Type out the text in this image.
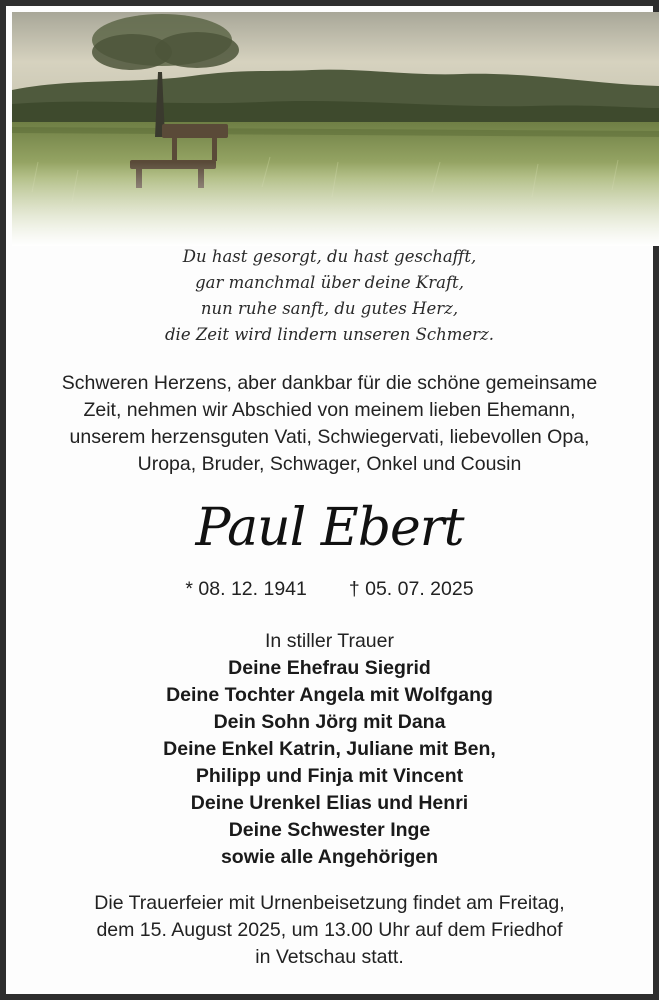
Du hast gesorgt, du hast geschafft,
gar manchmal über deine Kraft,
nun ruhe sanft, du gutes Herz,
die Zeit wird lindern unseren Schmerz.
Schweren Herzens, aber dankbar für die schöne gemeinsame
Zeit, nehmen wir Abschied von meinem lieben Ehemann,
unserem herzensguten Vati, Schwiegervati, liebevollen Opa,
Uropa, Bruder, Schwager, Onkel und Cousin
Paul Ebert
* 08. 12. 1941 † 05. 07. 2025
In stiller Trauer
Deine Ehefrau Siegrid
Deine Tochter Angela mit Wolfgang
Dein Sohn Jörg mit Dana
Deine Enkel Katrin, Juliane mit Ben,
Philipp und Finja mit Vincent
Deine Urenkel Elias und Henri
Deine Schwester Inge
sowie alle Angehörigen
Die Trauerfeier mit Urnenbeisetzung findet am Freitag,
dem 15. August 2025, um 13.00 Uhr auf dem Friedhof
in Vetschau statt.
